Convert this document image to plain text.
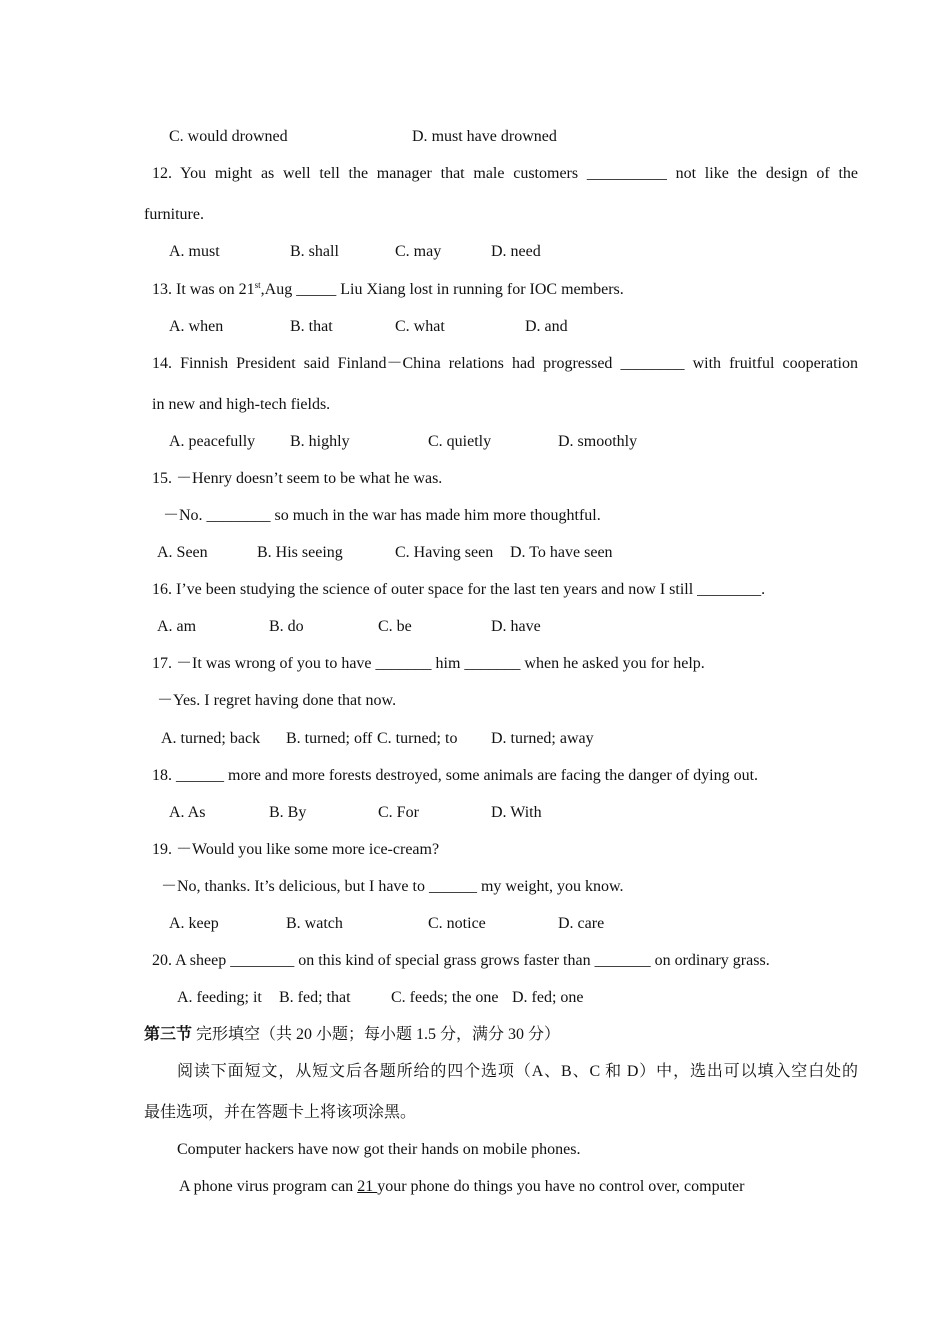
C. would drowned	D. must have drowned
12. You might as well tell the manager that male customers __________ not like the design of the
furniture.
A. must	B. shall	C. may	D. need
13. It was on 21st,Aug _____ Liu Xiang lost in running for IOC members.
A. when	B. that	C. what	D. and
14. Finnish President said Finland－China relations had progressed ________ with fruitful cooperation
in new and high-tech fields.
A. peacefully B. highly	C. quietly	D. smoothly
15. －Henry doesn’t seem to be what he was.
－No. ________ so much in the war has made him more thoughtful.
A. Seen	B. His seeing	C. Having seen D. To have seen
16. I’ve been studying the science of outer space for the last ten years and now I still ________.
A. am	B. do	C. be	D. have
17. －It was wrong of you to have _______ him _______ when he asked you for help.
－Yes. I regret having done that now.
A. turned; back B. turned; off C. turned; to D. turned; away
18. ______ more and more forests destroyed, some animals are facing the danger of dying out.
A. As	B. By	C. For	D. With
19. －Would you like some more ice-cream?
－No, thanks. It’s delicious, but I have to ______ my weight, you know.
A. keep	B. watch	C. notice	D. care
20. A sheep ________ on this kind of special grass grows faster than _______ on ordinary grass.
A. feeding; it B. fed; that	C. feeds; the one D. fed; one
第三节 完形填空（共 20 小题；每小题 1.5 分，满分 30 分）
阅读下面短文，从短文后各题所给的四个选项（A、B、C 和 D）中，选出可以填入空白处的
最佳选项，并在答题卡上将该项涂黑。
Computer hackers have now got their hands on mobile phones.
A phone virus program can 21 your phone do things you have no control over, computer
